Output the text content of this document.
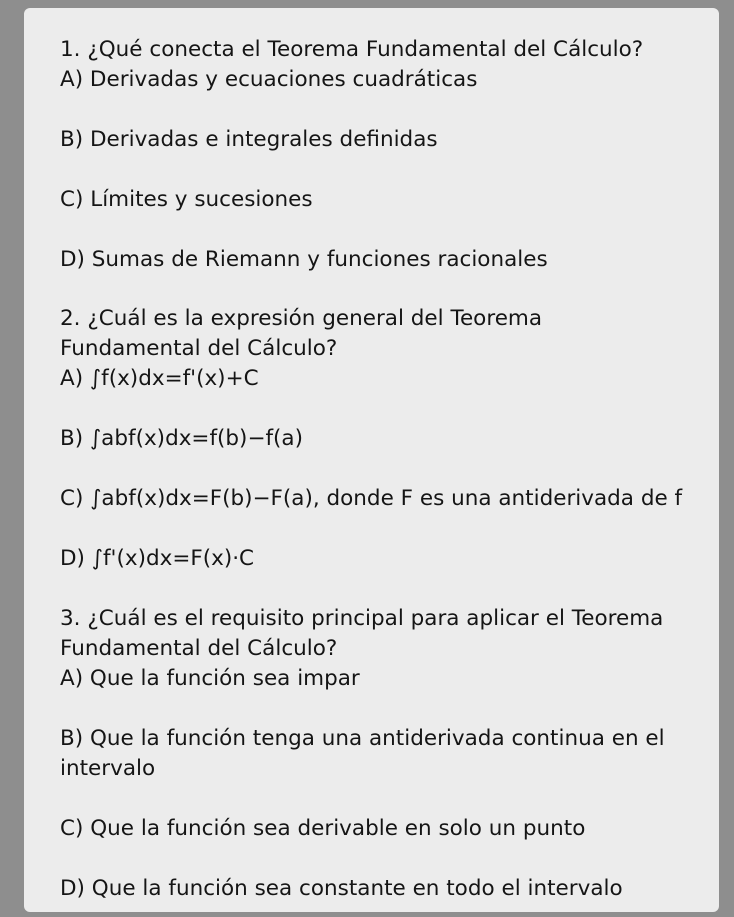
1. ¿Qué conecta el Teorema Fundamental del Cálculo?

A) Derivadas y ecuaciones cuadráticas

B) Derivadas e integrales definidas

C) Límites y sucesiones

D) Sumas de Riemann y funciones racionales

2. ¿Cuál es la expresión general del Teorema

Fundamental del Cálculo?

A) ∫f(x)dx=f'(x)+C

B) ∫abf(x)dx=f(b)−f(a)

C) ∫abf(x)dx=F(b)−F(a), donde F es una antiderivada de f

D) ∫f'(x)dx=F(x)·C

3. ¿Cuál es el requisito principal para aplicar el Teorema

Fundamental del Cálculo?

A) Que la función sea impar

B) Que la función tenga una antiderivada continua en el

intervalo

C) Que la función sea derivable en solo un punto

D) Que la función sea constante en todo el intervalo
